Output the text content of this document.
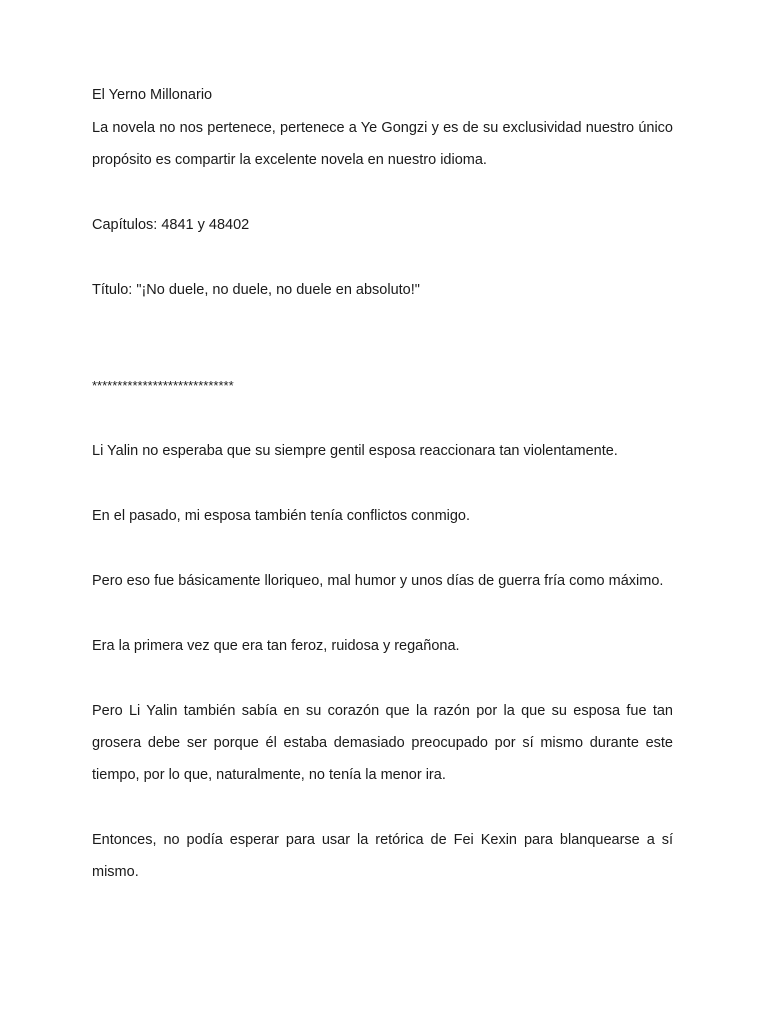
El Yerno Millonario

La novela no nos pertenece, pertenece a Ye Gongzi y es de su exclusividad nuestro único propósito es compartir la excelente novela en nuestro idioma.

Capítulos: 4841 y 48402

Título: "¡No duele, no duele, no duele en absoluto!"

****************************

Li Yalin no esperaba que su siempre gentil esposa reaccionara tan violentamente.

En el pasado, mi esposa también tenía conflictos conmigo.

Pero eso fue básicamente lloriqueo, mal humor y unos días de guerra fría como máximo.

Era la primera vez que era tan feroz, ruidosa y regañona.

Pero Li Yalin también sabía en su corazón que la razón por la que su esposa fue tan grosera debe ser porque él estaba demasiado preocupado por sí mismo durante este tiempo, por lo que, naturalmente, no tenía la menor ira.

Entonces, no podía esperar para usar la retórica de Fei Kexin para blanquearse a sí mismo.
